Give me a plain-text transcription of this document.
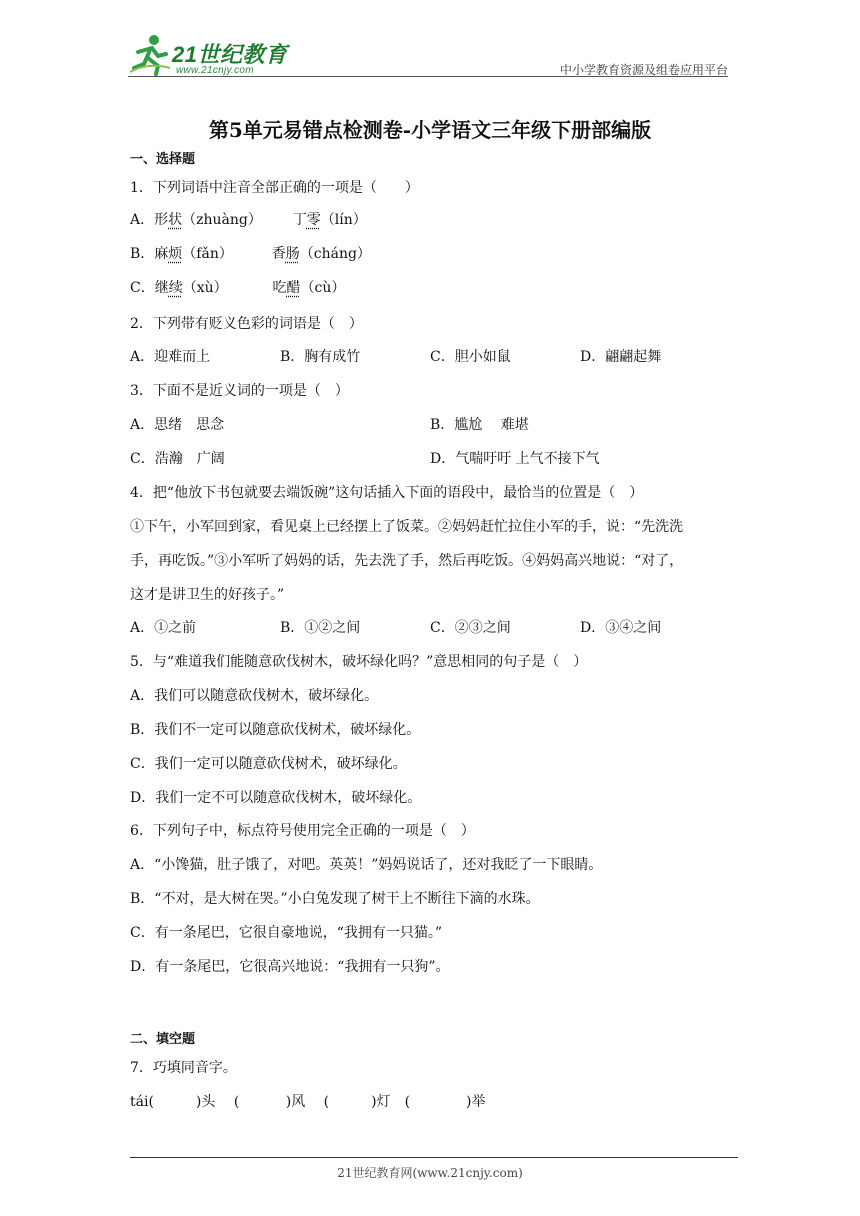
21世纪教育
www.21cnjy.com	中小学教育资源及组卷应用平台
第5单元易错点检测卷-小学语文三年级下册部编版
一、选择题
1．下列词语中注音全部正确的一项是（　　）
A．形状（zhuàng） 丁零（lín）
B．麻烦（fǎn）	香肠（cháng）
C．继续（xù）	吃醋（cù）
2．下列带有贬义色彩的词语是（　）
A．迎难而上	B．胸有成竹	C．胆小如鼠	D．翩翩起舞
3．下面不是近义词的一项是（　）
A．思绪　思念	B．尴尬　 难堪
C．浩瀚　广阔	D．气喘吁吁 上气不接下气
4．把“他放下书包就要去端饭碗”这句话插入下面的语段中，最恰当的位置是（　）
①下午，小军回到家，看见桌上已经摆上了饭菜。②妈妈赶忙拉住小军的手，说：“先洗洗
手，再吃饭。”③小军听了妈妈的话，先去洗了手，然后再吃饭。④妈妈高兴地说：“对了，
这才是讲卫生的好孩子。”
A．①之前	B．①②之间	C．②③之间	D．③④之间
5．与“难道我们能随意砍伐树木，破坏绿化吗？”意思相同的句子是（　）
A．我们可以随意砍伐树木，破坏绿化。
B．我们不一定可以随意砍伐树术，破坏绿化。
C．我们一定可以随意砍伐树术，破坏绿化。
D．我们一定不可以随意砍伐树木，破坏绿化。
6．下列句子中，标点符号使用完全正确的一项是（　）
A．“小馋猫，肚子饿了，对吧。英英！”妈妈说话了，还对我眨了一下眼睛。
B．“不对，是大树在哭。”小白兔发现了树干上不断往下滴的水珠。
C．有一条尾巴，它很自豪地说，“我拥有一只猫。”
D．有一条尾巴，它很高兴地说：“我拥有一只狗”。
二、填空题
7．巧填同音字。
tái(　　　)头　 (　　　 )风　 (　　　)灯　(　　　　)举
21世纪教育网(www.21cnjy.com)
